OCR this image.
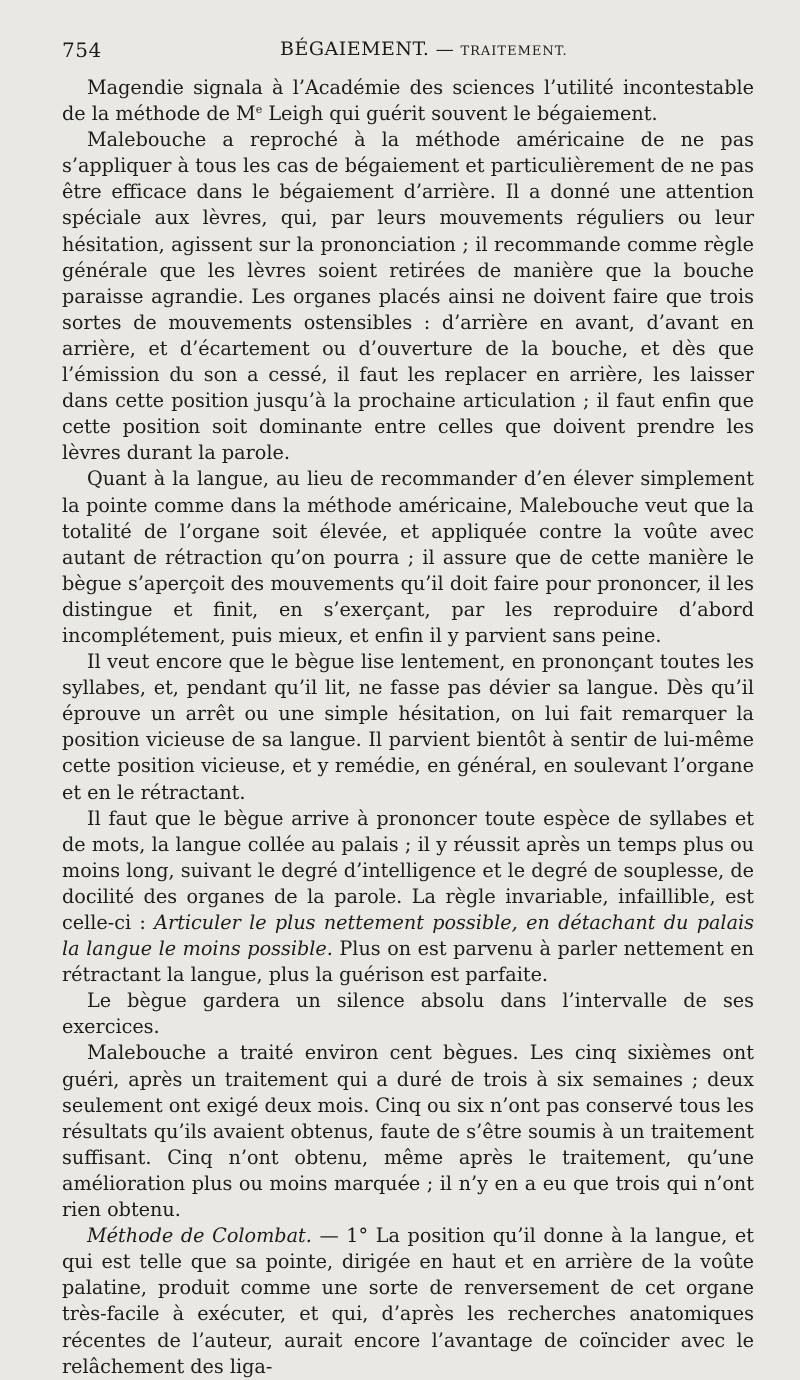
754	BÉGAIEMENT. — TRAITEMENT.

Magendie signala à l’Académie des sciences l’utilité incontestable de la méthode de Me Leigh qui guérit souvent le bégaiement.

Malebouche a reproché à la méthode américaine de ne pas s’appliquer à tous les cas de bégaiement et particulièrement de ne pas être efficace dans le bégaiement d’arrière. Il a donné une attention spéciale aux lèvres, qui, par leurs mouvements réguliers ou leur hésitation, agissent sur la prononciation ; il recommande comme règle générale que les lèvres soient retirées de manière que la bouche paraisse agrandie. Les organes placés ainsi ne doivent faire que trois sortes de mouvements ostensibles : d’arrière en avant, d’avant en arrière, et d’écartement ou d’ouverture de la bouche, et dès que l’émission du son a cessé, il faut les replacer en arrière, les laisser dans cette position jusqu’à la prochaine articulation ; il faut enfin que cette position soit dominante entre celles que doivent prendre les lèvres durant la parole.

Quant à la langue, au lieu de recommander d’en élever simplement la pointe comme dans la méthode américaine, Malebouche veut que la totalité de l’organe soit élevée, et appliquée contre la voûte avec autant de rétraction qu’on pourra ; il assure que de cette manière le bègue s’aperçoit des mouvements qu’il doit faire pour prononcer, il les distingue et finit, en s’exerçant, par les reproduire d’abord incomplétement, puis mieux, et enfin il y parvient sans peine.

Il veut encore que le bègue lise lentement, en prononçant toutes les syllabes, et, pendant qu’il lit, ne fasse pas dévier sa langue. Dès qu’il éprouve un arrêt ou une simple hésitation, on lui fait remarquer la position vicieuse de sa langue. Il parvient bientôt à sentir de lui-même cette position vicieuse, et y remédie, en général, en soulevant l’organe et en le rétractant.

Il faut que le bègue arrive à prononcer toute espèce de syllabes et de mots, la langue collée au palais ; il y réussit après un temps plus ou moins long, suivant le degré d’intelligence et le degré de souplesse, de docilité des organes de la parole. La règle invariable, infaillible, est celle-ci : Articuler le plus nettement possible, en détachant du palais la langue le moins possible. Plus on est parvenu à parler nettement en rétractant la langue, plus la guérison est parfaite.

Le bègue gardera un silence absolu dans l’intervalle de ses exercices.

Malebouche a traité environ cent bègues. Les cinq sixièmes ont guéri, après un traitement qui a duré de trois à six semaines ; deux seulement ont exigé deux mois. Cinq ou six n’ont pas conservé tous les résultats qu’ils avaient obtenus, faute de s’être soumis à un traitement suffisant. Cinq n’ont obtenu, même après le traitement, qu’une amélioration plus ou moins marquée ; il n’y en a eu que trois qui n’ont rien obtenu.

Méthode de Colombat. — 1° La position qu’il donne à la langue, et qui est telle que sa pointe, dirigée en haut et en arrière de la voûte palatine, produit comme une sorte de renversement de cet organe très-facile à exécuter, et qui, d’après les recherches anatomiques récentes de l’auteur, aurait encore l’avantage de coïncider avec le relâchement des liga-
